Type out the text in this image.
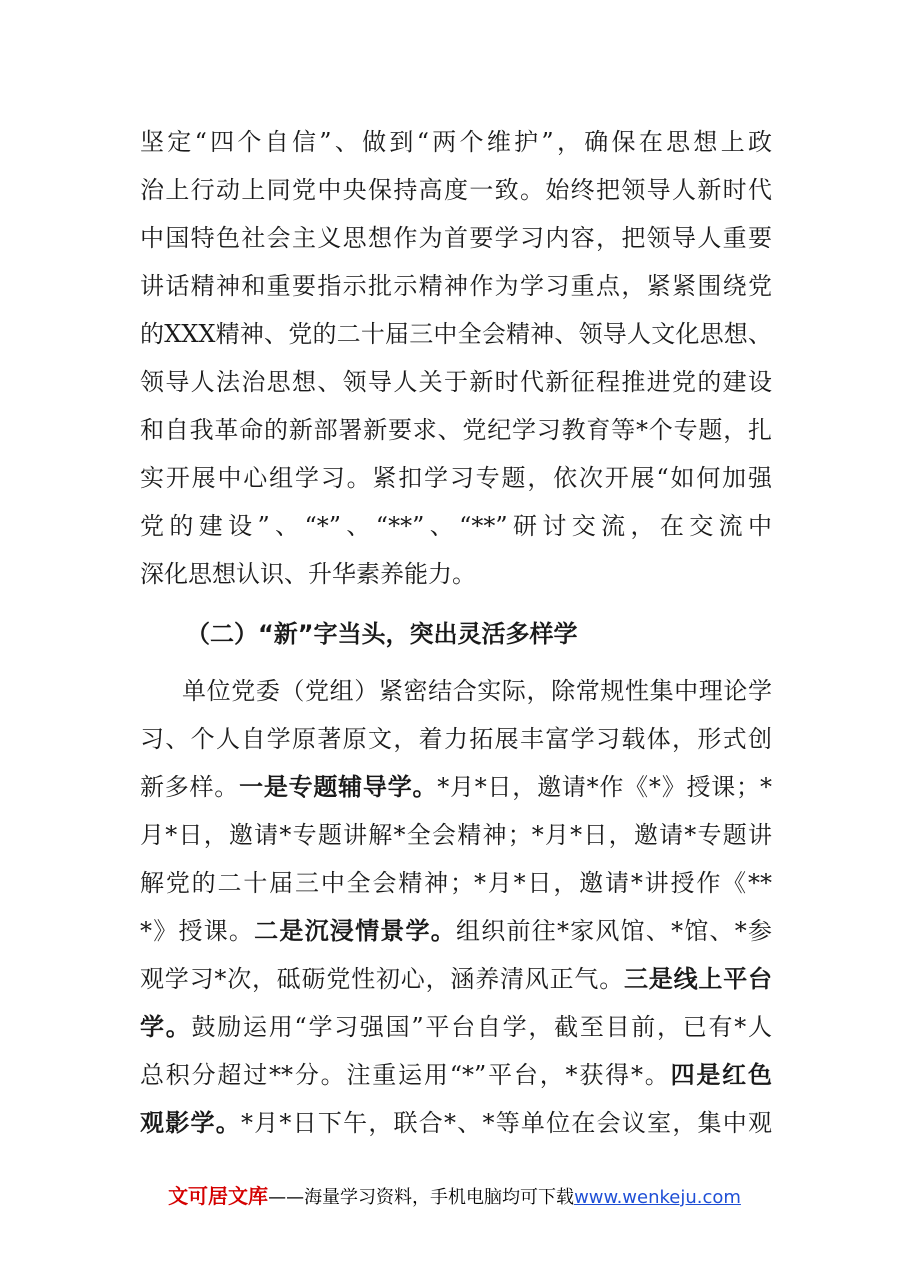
坚定“四个自信”、做到“两个维护”，确保在思想上政
治上行动上同党中央保持高度一致。始终把领导人新时代
中国特色社会主义思想作为首要学习内容，把领导人重要
讲话精神和重要指示批示精神作为学习重点，紧紧围绕党
的XXX精神、党的二十届三中全会精神、领导人文化思想、
领导人法治思想、领导人关于新时代新征程推进党的建设
和自我革命的新部署新要求、党纪学习教育等*个专题，扎
实开展中心组学习。紧扣学习专题，依次开展“如何加强
党的建设”、“*”、“**”、“**”研讨交流，在交流中
深化思想认识、升华素养能力。
（二）“新”字当头，突出灵活多样学
单位党委（党组）紧密结合实际，除常规性集中理论学
习、个人自学原著原文，着力拓展丰富学习载体，形式创
新多样。一是专题辅导学。*月*日，邀请*作《*》授课；*
月*日，邀请*专题讲解*全会精神；*月*日，邀请*专题讲
解党的二十届三中全会精神；*月*日，邀请*讲授作《**
*》授课。二是沉浸情景学。组织前往*家风馆、*馆、*参
观学习*次，砥砺党性初心，涵养清风正气。三是线上平台
学。鼓励运用“学习强国”平台自学，截至目前，已有*人
总积分超过**分。注重运用“*”平台，*获得*。四是红色
观影学。*月*日下午，联合*、*等单位在会议室，集中观
文可居文库——海量学习资料，手机电脑均可下载www.wenkeju.com
